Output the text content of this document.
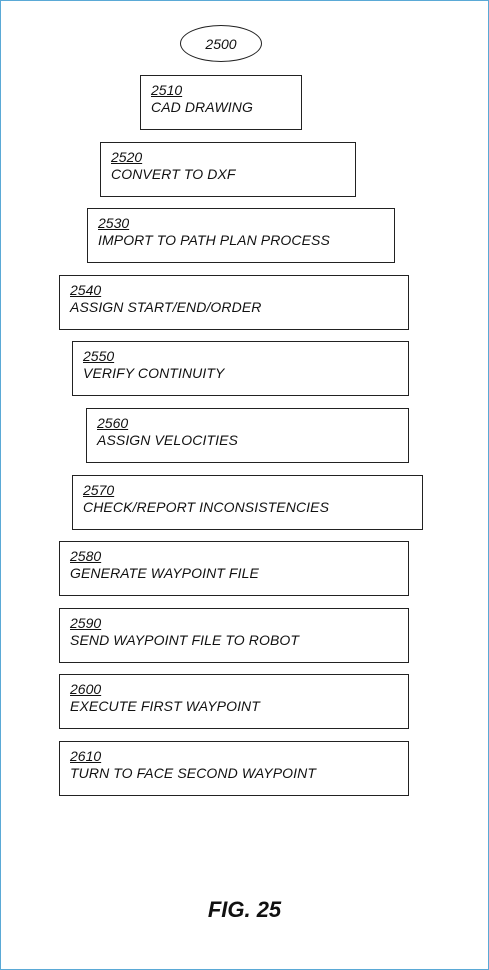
2500
2510
CAD DRAWING
2520
CONVERT TO DXF
2530
IMPORT TO PATH PLAN PROCESS
2540
ASSIGN START/END/ORDER
2550
VERIFY CONTINUITY
2560
ASSIGN VELOCITIES
2570
CHECK/REPORT INCONSISTENCIES
2580
GENERATE WAYPOINT FILE
2590
SEND WAYPOINT FILE TO ROBOT
2600
EXECUTE FIRST WAYPOINT
2610
TURN TO FACE SECOND WAYPOINT
FIG. 25
